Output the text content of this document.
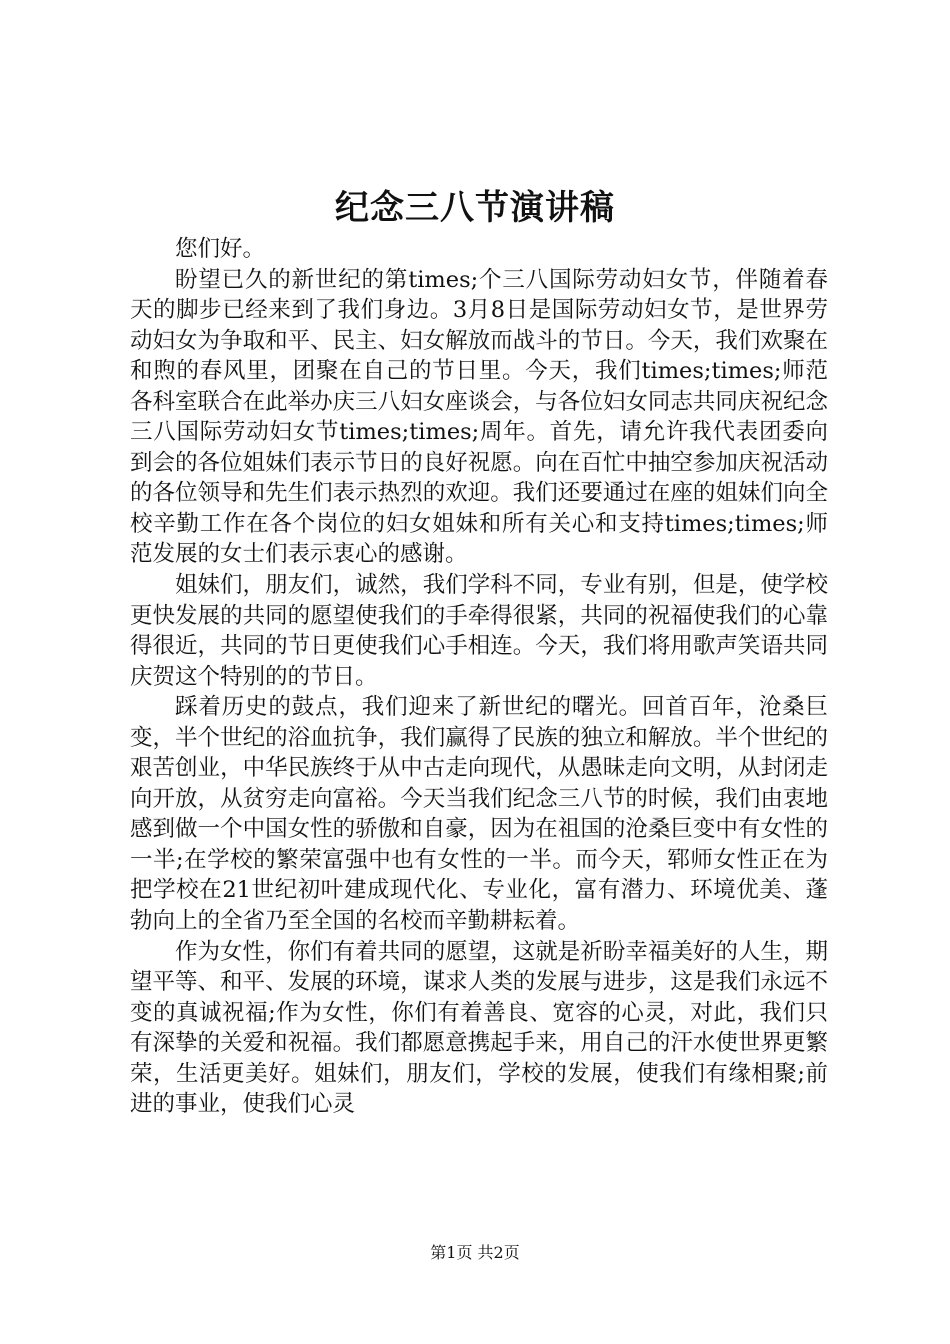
纪念三八节演讲稿

您们好。

盼望已久的新世纪的第times;个三八国际劳动妇女节，伴随着春天的脚步已经来到了我们身边。3月8日是国际劳动妇女节，是世界劳动妇女为争取和平、民主、妇女解放而战斗的节日。今天，我们欢聚在和煦的春风里，团聚在自己的节日里。今天，我们times;times;师范各科室联合在此举办庆三八妇女座谈会，与各位妇女同志共同庆祝纪念三八国际劳动妇女节times;times;周年。首先，请允许我代表团委向到会的各位姐妹们表示节日的良好祝愿。向在百忙中抽空参加庆祝活动的各位领导和先生们表示热烈的欢迎。我们还要通过在座的姐妹们向全校辛勤工作在各个岗位的妇女姐妹和所有关心和支持times;times;师范发展的女士们表示衷心的感谢。

姐妹们，朋友们，诚然，我们学科不同，专业有别，但是，使学校更快发展的共同的愿望使我们的手牵得很紧，共同的祝福使我们的心靠得很近，共同的节日更使我们心手相连。今天，我们将用歌声笑语共同庆贺这个特别的的节日。

踩着历史的鼓点，我们迎来了新世纪的曙光。回首百年，沧桑巨变，半个世纪的浴血抗争，我们赢得了民族的独立和解放。半个世纪的艰苦创业，中华民族终于从中古走向现代，从愚昧走向文明，从封闭走向开放，从贫穷走向富裕。今天当我们纪念三八节的时候，我们由衷地感到做一个中国女性的骄傲和自豪，因为在祖国的沧桑巨变中有女性的一半;在学校的繁荣富强中也有女性的一半。而今天，郓师女性正在为把学校在21世纪初叶建成现代化、专业化，富有潜力、环境优美、蓬勃向上的全省乃至全国的名校而辛勤耕耘着。

作为女性，你们有着共同的愿望，这就是祈盼幸福美好的人生，期望平等、和平、发展的环境，谋求人类的发展与进步，这是我们永远不变的真诚祝福;作为女性，你们有着善良、宽容的心灵，对此，我们只有深挚的关爱和祝福。我们都愿意携起手来，用自己的汗水使世界更繁荣，生活更美好。姐妹们，朋友们，学校的发展，使我们有缘相聚;前进的事业，使我们心灵

第1页 共2页
